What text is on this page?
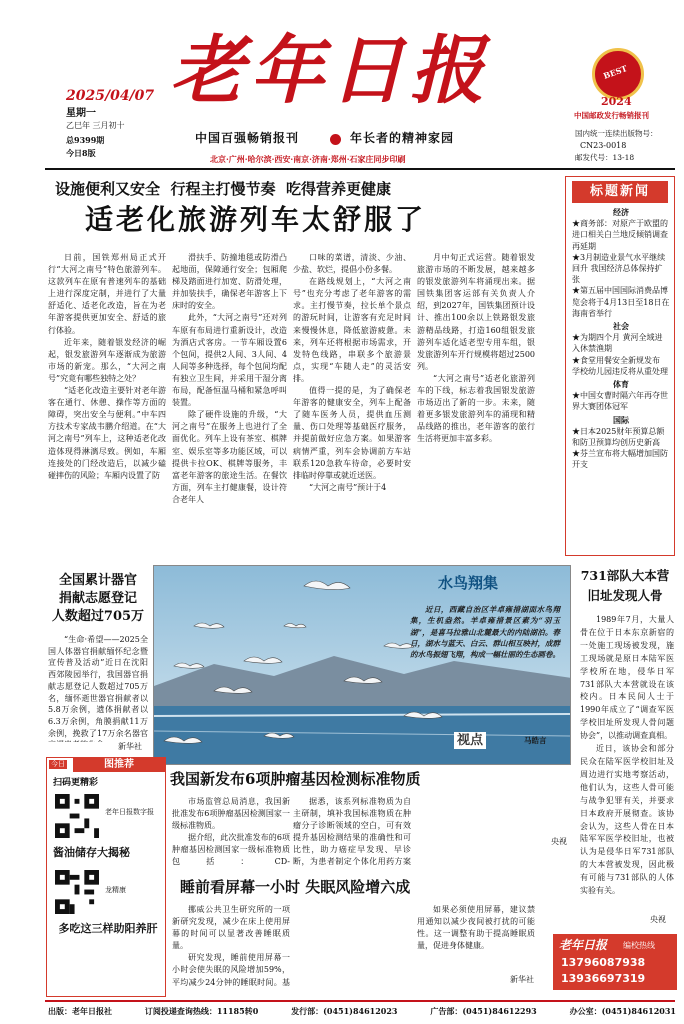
2025/04/07
星期一
乙巳年 三月初十
总9399期
今日8版
老年日报
中国百强畅销报刊	年长者的精神家园
北京·广州·哈尔滨·西安·南京·济南·郑州·石家庄同步印刷
BEST
2024
中国邮政发行畅销报刊
国内统一连续出版物号：
CN23-0018
邮发代号：13-18
设施便利又安全 行程主打慢节奏 吃得营养更健康
适老化旅游列车太舒服了

日前，国铁郑州局正式开行“大河之南号”特色旅游列车。这款列车在原有普速列车的基础上进行深度定制，并进行了大量舒适化、适老化改造，旨在为老年游客提供更加安全、舒适的旅行体验。

近年来，随着银发经济的崛起，银发旅游列车逐渐成为旅游市场的新宠。那么，“大河之南号”究竟有哪些独特之处？

“适老化改造主要针对老年游客在通行、休憩、操作等方面的障碍，突出安全与便利。”中车四方技术专家战韦鹏介绍道。在“大河之南号”列车上，这种适老化改造体现得淋漓尽致。例如，车厢连接处的门经改造后，以减少磕碰摔伤的风险；车厢内设置了防

滑扶手、防撞地毯或防滑凸起地面，保障通行安全；包厢爬梯及踏面进行加宽、防滑处理，并加装扶手，确保老年游客上下床时的安全。

此外，“大河之南号”还对列车原有布局进行重新设计，改造为酒店式客房。一节车厢设置6个包间，提供2人间、3人间、4人间等多种选择，每个包间均配有独立卫生间，并采用干湿分离布局，配备恒温马桶和紧急呼叫装置。

除了硬件设施的升级，“大河之南号”在服务上也进行了全面优化。列车上设有茶室、棋牌室、娱乐室等多功能区域，可以提供卡拉OK、棋牌等服务，丰富老年游客的旅途生活。在餐饮方面，列车主打健康餐，设计符合老年人

口味的菜谱，清淡、少油、少盐、软烂，提倡小份多餐。

在路线规划上，“大河之南号”也充分考虑了老年游客的需求。主打慢节奏，拉长单个景点的游玩时间，让游客有充足时间来慢慢休息，降低旅游疲惫。未来，列车还将根据市场需求，开发特色线路，串联多个旅游景点，实现“车随人走”的灵活安排。

值得一提的是，为了确保老年游客的健康安全，列车上配备了随车医务人员，提供血压测量、伤口处理等基础医疗服务，并提前做好应急方案。如果游客病情严重，列车会协调前方车站联系120急救车待命，必要时安排临时停靠或就近送医。

“大河之南号”预计于4

月中旬正式运营。随着银发旅游市场的不断发展，越来越多的银发旅游列车将涌现出来。据国铁集团客运部有关负责人介绍，到2027年，国铁集团预计设计、推出100余以上铁路银发旅游精品线路，打造160组银发旅游列车适化适老型专用车组，银发旅游列车开行规模将超过2500列。

“大河之南号”适老化旅游列车的下线，标志着我国银发旅游市场迈出了新的一步。未来，随着更多银发旅游列车的涌现和精品线路的推出，老年游客的旅行生活将更加丰富多彩。

标题新闻
经济
★商务部：对原产于欧盟的进口相关白兰地反倾销调查再延期
★3月制造业景气水平继续回升 我国经济总体保持扩张
★第五届中国国际消费品博览会将于4月13日至18日在海南省举行
社会
★为期四个月 黄河全域进入休禁渔期
★食堂用餐安全新规发布 学校幼儿园违反将从重处理
体育
★中国女曹时隔六年再夺世界大赛团体冠军
国际
★日本2025财年预算总额和防卫预算均创历史新高
★芬兰宣布将大幅增加国防开支
全国累计器官
捐献志愿登记
人数超过705万

“生命·希望——2025全国人体器官捐献缅怀纪念暨宣传普及活动”近日在沈阳西郊陵园举行，我国器官捐献志愿登记人数超过705万名，缅怀逝世器官捐献者以5.8万余例，遗体捐献者以6.3万余例，角膜捐献11万余例，挽救了17万余名器官

新华社
水鸟翔集
近日，西藏自治区羊卓雍措湖面水鸟翔集，生机盎然。羊卓雍措景区素为“羽玉湖”，是喜马拉雅山北麓最大的内陆湖泊。春日，湖水与蓝天、白云、群山相互映衬，成群的水鸟振翅飞翔，构成一幅壮丽的生态画卷。
马皓言
视点
731部队大本营
旧址发现人骨

1989年7月，大量人骨在位于日本东京新宿的一处施工现场被发现，施工现场就是原日本陆军医学校所在地，侵华日军731部队大本营就设在该校内。日本民间人士于1990年成立了“调查军医学校旧址所发现人骨问题协会”，以推动调查真相。

近日，该协会和部分民众在陆军医学校旧址及周边进行实地考察活动，他们认为，这些人骨可能与战争犯罪有关，并要求日本政府开展彻查。该协会认为，这些人骨在日本陆军军医学校旧址，也被认为是侵华日军731部队的大本营被发现，因此极有可能与731部队的人体实验有关。

央视
我国新发布6项肿瘤基因检测标准物质

市场监管总局消息，我国新批准发布6项肿瘤基因检测国家一级标准物质。

据介绍，此次批准发布的6项肿瘤基因检测国家一级标准物质包括：CD-

据悉，该系列标准物质为自主研制，填补我国标准物质在肿瘤分子诊断领域的空白，可有效提升基因检测结果的准确性和可比性，助力癌症早发现、早诊断，为患者制定个体化用药方案

央视

睡前看屏幕一小时 失眠风险增六成

挪威公共卫生研究所的一项新研究发现，减少在床上使用屏幕的时间可以显著改善睡眠质量。

研究发现，睡前使用屏幕一小时会使失眠的风险增加59%，平均减少24分钟的睡眠时间。基

如果必须使用屏幕，建议禁用通知以减少夜间被打扰的可能性。这一调整有助于提高睡眠质量，促进身体健康。

新华社
今日	图推荐
扫码更精彩
老年日报数字报
酱油储存大揭秘
龙精康
多吃这三样助阳养肝
老年日报 编校热线
13796087938
13936697319
出版：老年日报社	订阅投递查询热线：11185转0	发行部：(0451)84612023	广告部：(0451)84612293	办公室：(0451)84612031
